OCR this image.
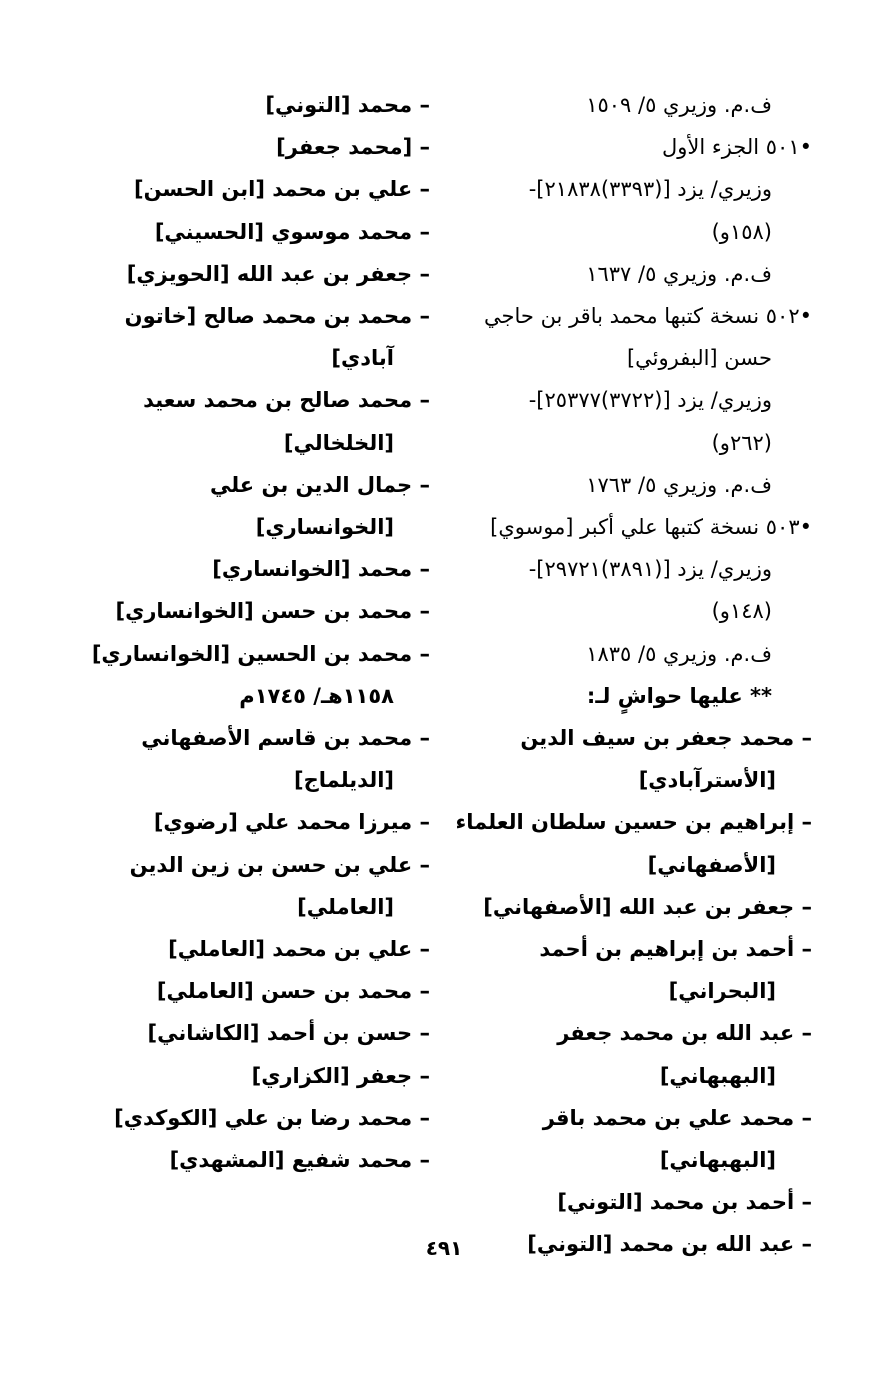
ف.م. وزيري ٥/ ١٥٠٩
•٥٠١ الجزء الأول
وزيري/ يزد [(٣٣٩٣)٢١٨٣٨]-
(١٥٨و)
ف.م. وزيري ٥/ ١٦٣٧
•٥٠٢ نسخة كتبها محمد باقر بن حاجي
حسن [البفروئي]
وزيري/ يزد [(٣٧٢٢)٢٥٣٧٧]-
(٢٦٢و)
ف.م. وزيري ٥/ ١٧٦٣
•٥٠٣ نسخة كتبها علي أكبر [موسوي]
وزيري/ يزد [(٣٨٩١)٢٩٧٢١]-
(١٤٨و)
ف.م. وزيري ٥/ ١٨٣٥
** عليها حواشٍ لـ:
– محمد جعفر بن سيف الدين
[الأسترآبادي]
– إبراهيم بن حسين سلطان العلماء
[الأصفهاني]
– جعفر بن عبد الله [الأصفهاني]
– أحمد بن إبراهيم بن أحمد
[البحراني]
– عبد الله بن محمد جعفر
[البهبهاني]
– محمد علي بن محمد باقر
[البهبهاني]
– أحمد بن محمد [التوني]
– عبد الله بن محمد [التوني]
– محمد [التوني]
– [محمد جعفر]
– علي بن محمد [ابن الحسن]
– محمد موسوي [الحسيني]
– جعفر بن عبد الله [الحويزي]
– محمد بن محمد صالح [خاتون
آبادي]
– محمد صالح بن محمد سعيد
[الخلخالي]
– جمال الدين بن علي
[الخوانساري]
– محمد [الخوانساري]
– محمد بن حسن [الخوانساري]
– محمد بن الحسين [الخوانساري]
١١٥٨هـ/ ١٧٤٥م
– محمد بن قاسم الأصفهاني
[الديلماج]
– ميرزا محمد علي [رضوي]
– علي بن حسن بن زين الدين
[العاملي]
– علي بن محمد [العاملي]
– محمد بن حسن [العاملي]
– حسن بن أحمد [الكاشاني]
– جعفر [الكزاري]
– محمد رضا بن علي [الكوكدي]
– محمد شفيع [المشهدي]
٤٩١
